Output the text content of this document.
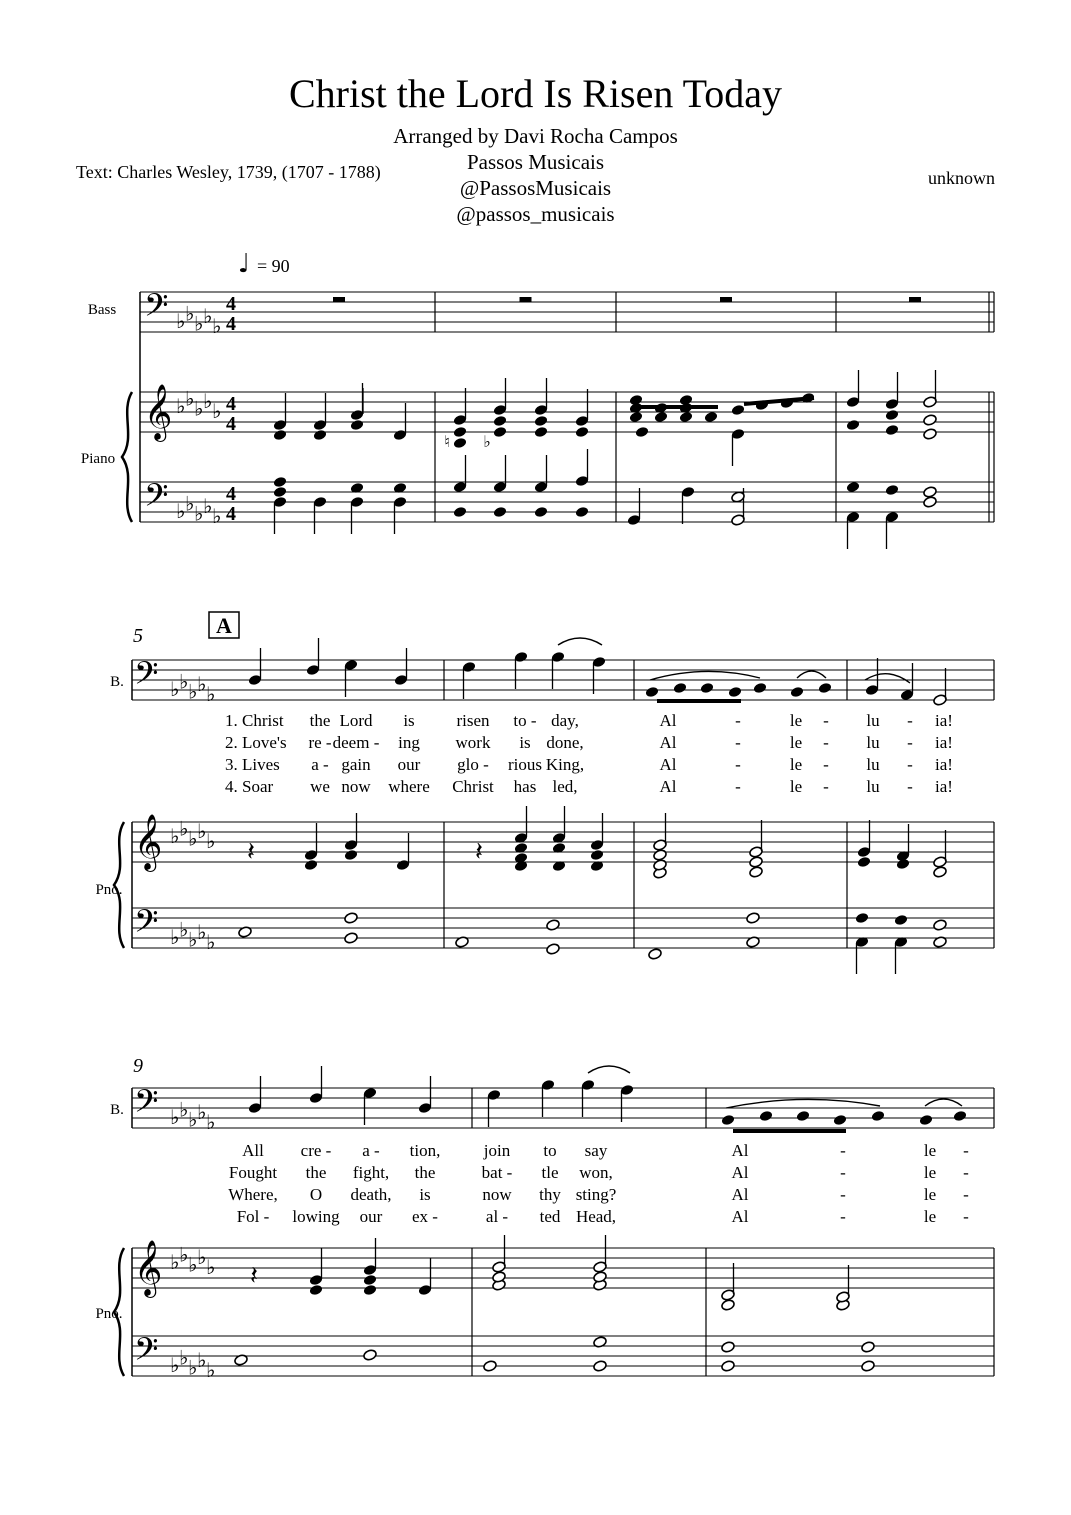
Christ the Lord Is Risen Today
Arranged by Davi Rocha Campos
Passos Musicais
@PassosMusicais
@passos_musicais
Text: Charles Wesley, 1739, (1707 - 1788)	unknown
♩ = 90
Bass
Piano
𝄢 ♭ ♭ ♭ ♭ ♭
4
4
𝄞 ♭ ♭ ♭ ♭ ♭ 4
4
𝄢 ♭ ♭ ♭ ♭ ♭
4
4
♮ ♭
5	A
B.
Pno.
𝄢 ♭ ♭ ♭ ♭ ♭
𝄞 ♭ ♭ ♭ ♭ ♭
𝄢 ♭ ♭ ♭ ♭ ♭
1. Christ the Lord is risen to - day,	Al	-	le - lu - ia!
2. Love's re - deem - ing work is done,	Al	-	le - lu - ia!
3. Lives a - gain our glo - rious King,	Al	-	le - lu - ia!
4. Soar we now where Christ has led,	Al	-	le - lu - ia!
𝄽	𝄽
9
B.
Pno.
𝄢 ♭ ♭ ♭ ♭ ♭
𝄞 ♭ ♭ ♭ ♭ ♭
𝄢 ♭ ♭ ♭ ♭ ♭
All cre - a - tion,	join to say	Al	-	le -
Fought the fight, the	bat - tle won,	Al	-	le -
Where, O death, is	now thy sting?	Al	-	le -
Fol - lowing our ex -	al - ted Head,	Al	-	le -
𝄽
